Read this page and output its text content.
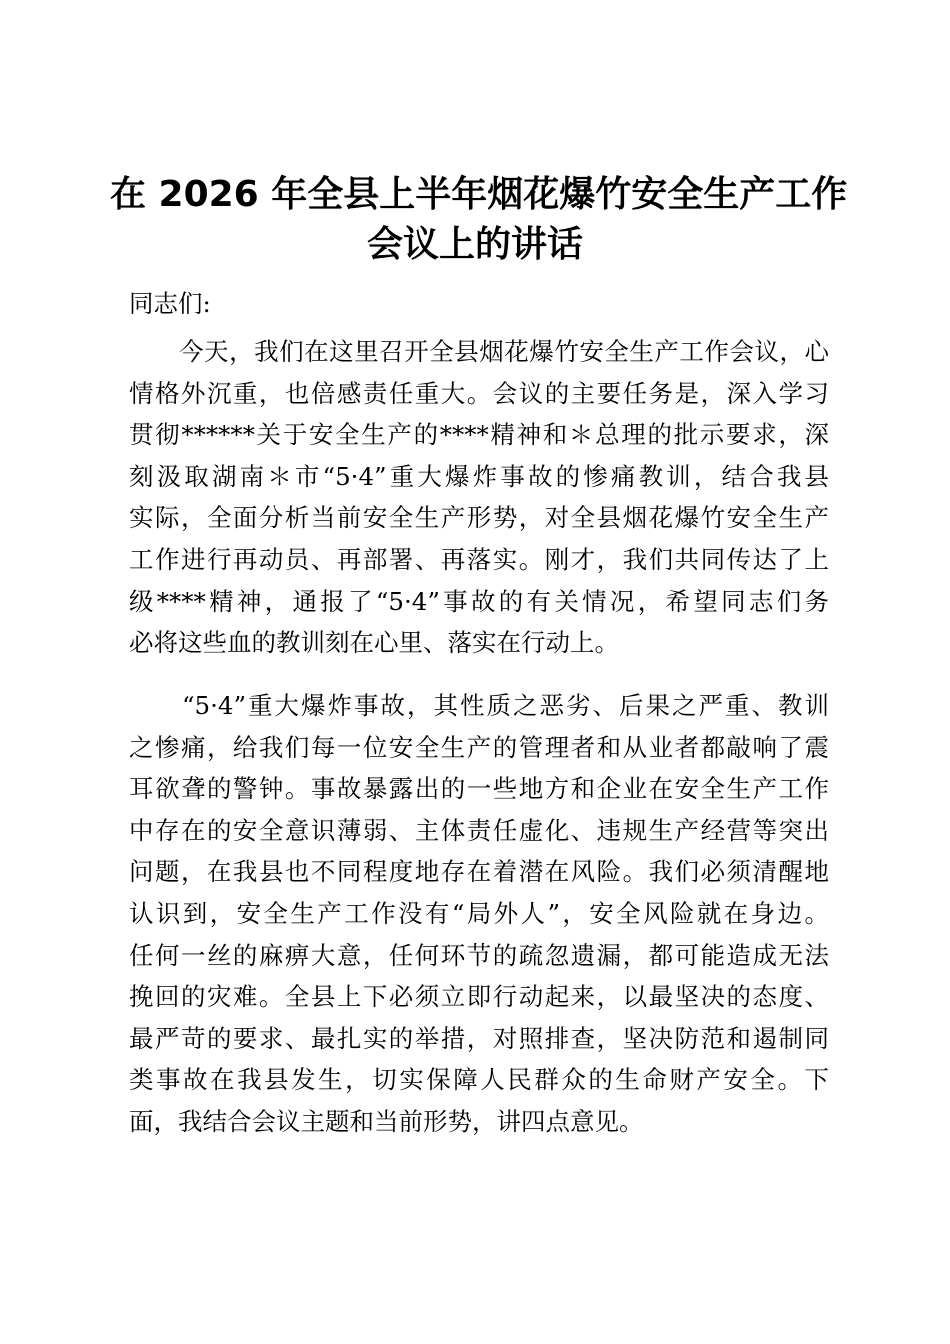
在 2026 年全县上半年烟花爆竹安全生产工作
会议上的讲话
同志们:
　　今天，我们在这里召开全县烟花爆竹安全生产工作会议，心
情格外沉重，也倍感责任重大。会议的主要任务是，深入学习
贯彻******关于安全生产的****精神和＊总理的批示要求，深
刻汲取湖南＊市“5·4”重大爆炸事故的惨痛教训，结合我县
实际，全面分析当前安全生产形势，对全县烟花爆竹安全生产
工作进行再动员、再部署、再落实。刚才，我们共同传达了上
级****精神，通报了“5·4”事故的有关情况，希望同志们务
必将这些血的教训刻在心里、落实在行动上。
　　“5·4”重大爆炸事故，其性质之恶劣、后果之严重、教训
之惨痛，给我们每一位安全生产的管理者和从业者都敲响了震
耳欲聋的警钟。事故暴露出的一些地方和企业在安全生产工作
中存在的安全意识薄弱、主体责任虚化、违规生产经营等突出
问题，在我县也不同程度地存在着潜在风险。我们必须清醒地
认识到，安全生产工作没有“局外人”，安全风险就在身边。
任何一丝的麻痹大意，任何环节的疏忽遗漏，都可能造成无法
挽回的灾难。全县上下必须立即行动起来，以最坚决的态度、
最严苛的要求、最扎实的举措，对照排查，坚决防范和遏制同
类事故在我县发生，切实保障人民群众的生命财产安全。下
面，我结合会议主题和当前形势，讲四点意见。
